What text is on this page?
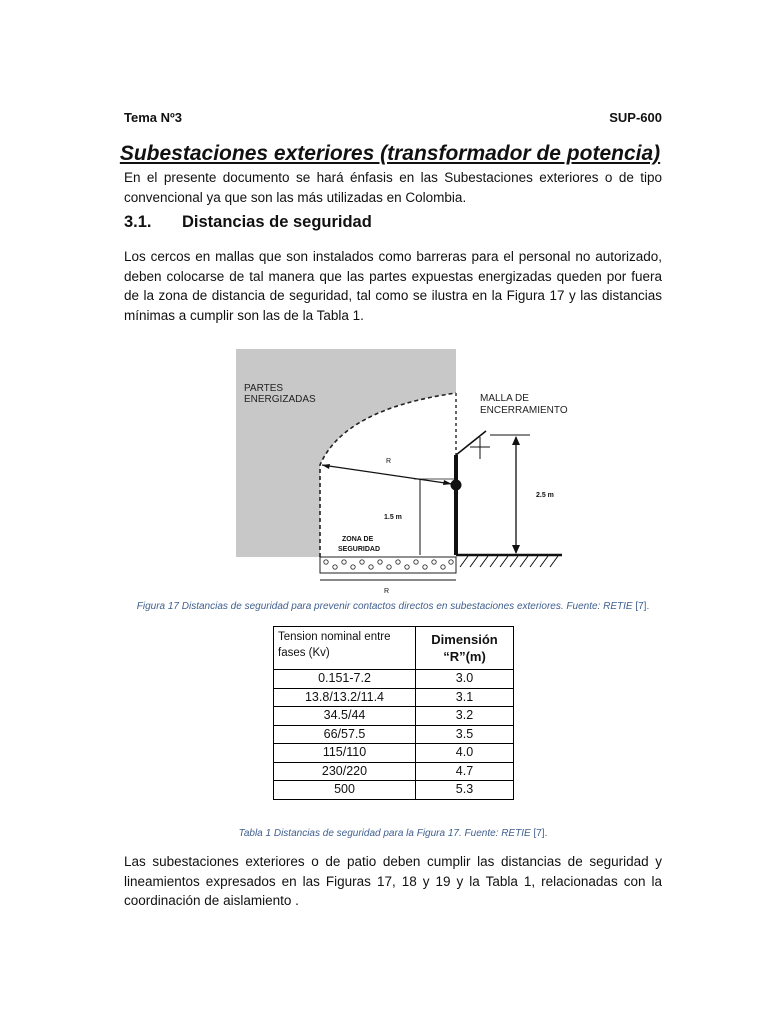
Tema Nº3	SUP-600
Subestaciones exteriores (transformador de potencia)

En el presente documento se hará énfasis en las Subestaciones exteriores o de tipo convencional ya que son las más utilizadas en Colombia.

3.1. Distancias de seguridad

Los cercos en mallas que son instalados como barreras para el personal no autorizado, deben colocarse de tal manera que las partes expuestas energizadas queden por fuera de la zona de distancia de seguridad, tal como se ilustra en la Figura 17 y las distancias mínimas a cumplir son las de la Tabla 1.

R
1.5 m
2.5 m
R
PARTES
ENERGIZADAS	MALLA DE
ENCERRAMIENTO
ZONA DE
SEGURIDAD
Figura 17 Distancias de seguridad para prevenir contactos directos en subestaciones exteriores. Fuente: RETIE [7].
Tension nominal entre fases (Kv)	Dimensión
“R”(m)
0.151-7.2	3.0
13.8/13.2/11.4	3.1
34.5/44	3.2
66/57.5	3.5
115/110	4.0
230/220	4.7
500	5.3
Tabla 1 Distancias de seguridad para la Figura 17. Fuente: RETIE [7].

Las subestaciones exteriores o de patio deben cumplir las distancias de seguridad y lineamientos expresados en las Figuras 17, 18 y 19 y la Tabla 1, relacionadas con la coordinación de aislamiento .
